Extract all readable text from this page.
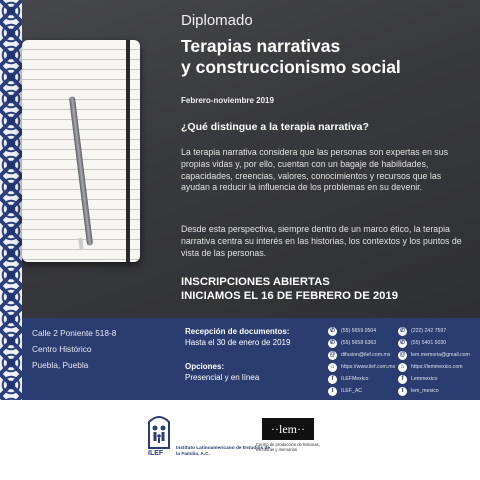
Diplomado
Terapias narrativas
y construccionismo social
Febrero-noviembre 2019
¿Qué distingue a la terapia narrativa?

La terapia narrativa considera que las personas son expertas en sus propias vidas y, por ello, cuentan con un bagaje de habilidades, capacidades, creencias, valores, conocimientos y recursos que las ayudan a reducir la influencia de los problemas en su devenir.

Desde esta perspectiva, siempre dentro de un marco ético, la terapia narrativa centra su interés en las historias, los contextos y los puntos de vista de las personas.

INSCRIPCIONES ABIERTAS
INICIAMOS EL 16 DE FEBRERO DE 2019
Calle 2 Poniente 518-8
Centro Histórico
Puebla, Puebla
Recepción de documentos:
Hasta el 30 de enero de 2019
Opciones:
Presencial y en línea
✆	(55) 5659 0504
✆	(55) 5658 6363
@	difusion@ilef.com.mx
⌂	https://www.ilef.com.mx
f	ILEFMexico
t	ILEF_AC
✆	(222) 242 7597
✆	(55) 5401 5030
@	lem.memoria@gmail.com
⌂	https://lemmexico.com
f	Lemmexico
t	lem_mexico
ILEF
Instituto Latinoamericano de Estudios de la Familia, A.C.
··lem··
Centro de producción de historias, escrituras y memorias
